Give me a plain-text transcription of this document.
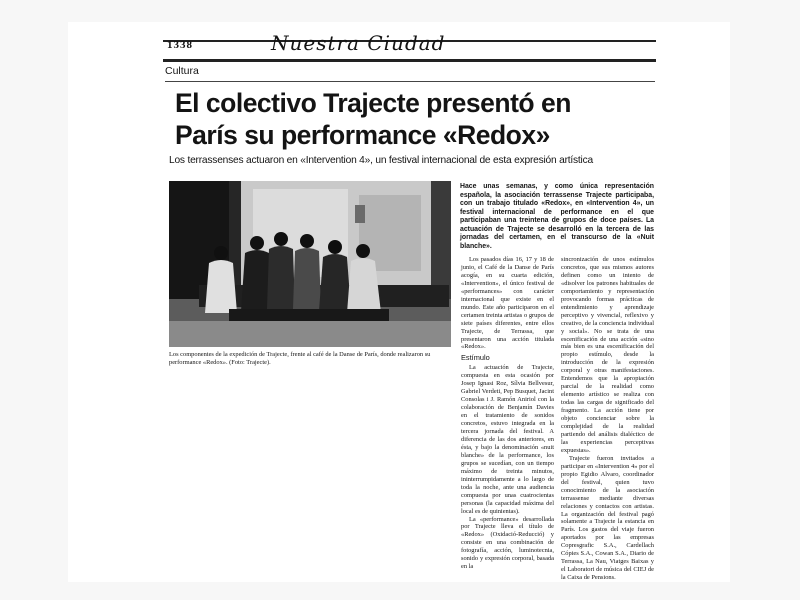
1338	Nuestra Ciudad
Cultura
El colectivo Trajecte presentó en
París su performance «Redox»
Los terrassenses actuaron en «Intervention 4», un festival internacional de esta expresión artística
Los componentes de la expedición de Trajecte, frente al café de la Danse de París, donde realizaron su performance «Redox». (Foto: Trajecte).
Hace unas semanas, y como única representación española, la asociación terrassense Trajecte participaba, con un trabajo titulado «Redox», en «Intervention 4», un festival internacional de performance en el que participaban una treintena de grupos de doce países. La actuación de Trajecte se desarrolló en la tercera de las jornadas del certamen, en el transcurso de la «Nuit blanche».

Los pasados días 16, 17 y 18 de junio, el Café de la Danse de París acogía, en su cuarta edición, «Intervention», el único festival de «performances» con carácter internacional que existe en el mundo. Este año participaron en el certamen treinta artistas o grupos de siete países diferentes, entre ellos Trajecte, de Terrassa, que presentaron una acción titulada «Redox».

Estímulo

La actuación de Trajecte, compuesta en esta ocasión por Josep Ignasi Roz, Sílvia Bellvesur, Gabriel Verdeti, Pep Busquet, Jacint Consolas i J. Ramón Aniriol con la colaboración de Benjamín Davies en el tratamiento de sonidos concretos, estuvo integrada en la tercera jornada del festival. A diferencia de las dos anteriores, en ésta, y bajo la denominación «nuit blanche» de la performance, los grupos se sucedían, con un tiempo máximo de treinta minutos, ininterrumpidamente a lo largo de toda la noche, ante una audiencia compuesta por unas cuatrocientas personas (la capacidad máxima del local es de quinientas).

La «performance» desarrollada por Trajecte lleva el título de «Redox» (Oxidació-Reducció) y consiste en una combinación de fotografía, acción, luminotecnia, sonido y expresión corporal, basada en la

sincronización de unos estímulos concretos, que sus mismos autores definen como un intento de «disolver los patrones habituales de comportamiento y representación provocando formas prácticas de entendimiento y aprendizaje perceptivo y vivencial, reflexivo y creativo, de la conciencia individual y social». No se trata de una escenificación de una acción «sino más bien es una escenificación del propio estímulo, desde la introducción de la expresión corporal y otras manifestaciones. Entendemos que la apropiación parcial de la realidad como elemento artístico se realiza con todas las cargas de significado del fragmento. La acción tiene por objeto concienciar sobre la complejidad de la realidad partiendo del análisis dialéctico de las experiencias perceptivas expuestas».

Trajecte fueron invitados a participar en «Intervention 4» por el propio Egidio Alvaro, coordinador del festival, quien tuvo conocimiento de la asociación terrassense mediante diversas relaciones y contactos con artistas. La organización del festival pagó solamente a Trajecte la estancia en París. Los gastos del viaje fueron aportados por las empresas Copresgrafic S.A., Cardellach Cópies S.A., Cowan S.A., Diario de Terrassa, La Nau, Viatges Baixas y el Laboratori de música del CIEJ de la Caixa de Pensions.
